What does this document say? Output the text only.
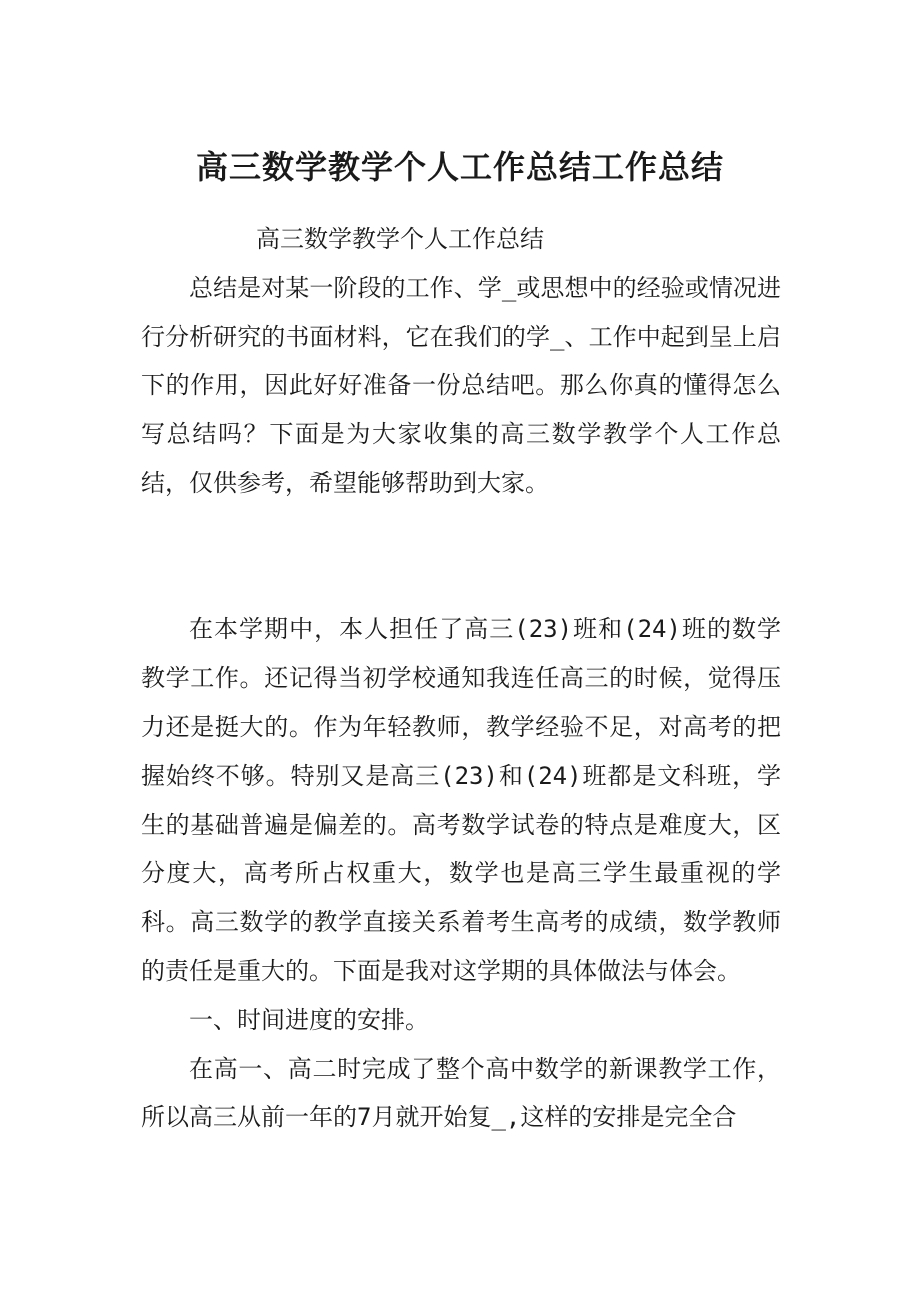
高三数学教学个人工作总结工作总结

高三数学教学个人工作总结

总结是对某一阶段的工作、学_或思想中的经验或情况进行分析研究的书面材料，它在我们的学_、工作中起到呈上启下的作用，因此好好准备一份总结吧。那么你真的懂得怎么写总结吗？下面是为大家收集的高三数学教学个人工作总结，仅供参考，希望能够帮助到大家。

在本学期中，本人担任了高三(23)班和(24)班的数学教学工作。还记得当初学校通知我连任高三的时候，觉得压力还是挺大的。作为年轻教师，教学经验不足，对高考的把握始终不够。特别又是高三(23)和(24)班都是文科班，学生的基础普遍是偏差的。高考数学试卷的特点是难度大，区分度大，高考所占权重大，数学也是高三学生最重视的学科。高三数学的教学直接关系着考生高考的成绩，数学教师的责任是重大的。下面是我对这学期的具体做法与体会。

一、时间进度的安排。

在高一、高二时完成了整个高中数学的新课教学工作，所以高三从前一年的7月就开始复_,这样的安排是完全合
